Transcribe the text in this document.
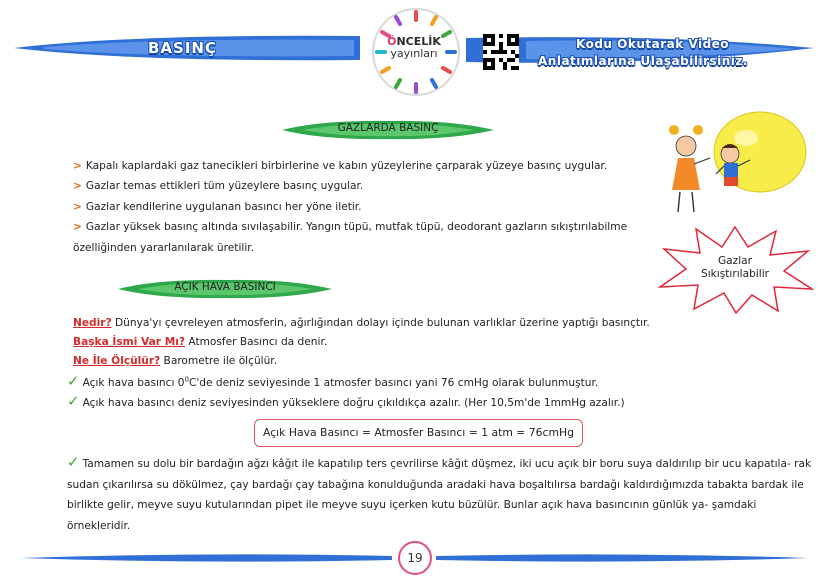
BASINÇ	ÖNCELİK
yayınları
Kodu Okutarak Video
Anlatımlarına Ulaşabilirsiniz.
GAZLARDA BASINÇ
> Kapalı kaplardaki gaz tanecikleri birbirlerine ve kabın yüzeylerine çarparak yüzeye basınç uygular.
> Gazlar temas ettikleri tüm yüzeylere basınç uygular.
> Gazlar kendilerine uygulanan basıncı her yöne iletir.
> Gazlar yüksek basınç altında sıvılaşabilir. Yangın tüpü, mutfak tüpü, deodorant gazların sıkıştırılabilme özelliğinden yararlanılarak üretilir.
Gazlar
Sıkıştırılabilir
AÇIK HAVA BASINCI
Nedir? Dünya'yı çevreleyen atmosferin, ağırlığından dolayı içinde bulunan varlıklar üzerine yaptığı basınçtır.
Başka İsmi Var Mı? Atmosfer Basıncı da denir.
Ne İle Ölçülür? Barometre ile ölçülür.
✓ Açık hava basıncı $0^0C'de$ deniz seviyesinde 1 atmosfer basıncı yani 76 cmHg olarak bulunmuştur.
✓ Açık hava basıncı deniz seviyesinden yükseklere doğru çıkıldıkça azalır. (Her 10,5m'de 1mmHg azalır.)
Açık Hava Basıncı = Atmosfer Basıncı = 1 atm = 76cmHg
✓ Tamamen su dolu bir bardağın ağzı kâğıt ile kapatılıp ters çevrilirse kâğıt düşmez, iki ucu açık bir boru suya daldırılıp bir ucu kapatıla- rak sudan çıkarılırsa su dökülmez, çay bardağı çay tabağına konulduğunda aradaki hava boşaltılırsa bardağı kaldırdığımızda tabakta bardak ile birlikte gelir, meyve suyu kutularından pipet ile meyve suyu içerken kutu büzülür. Bunlar açık hava basıncının günlük ya- şamdaki örnekleridir.
19
